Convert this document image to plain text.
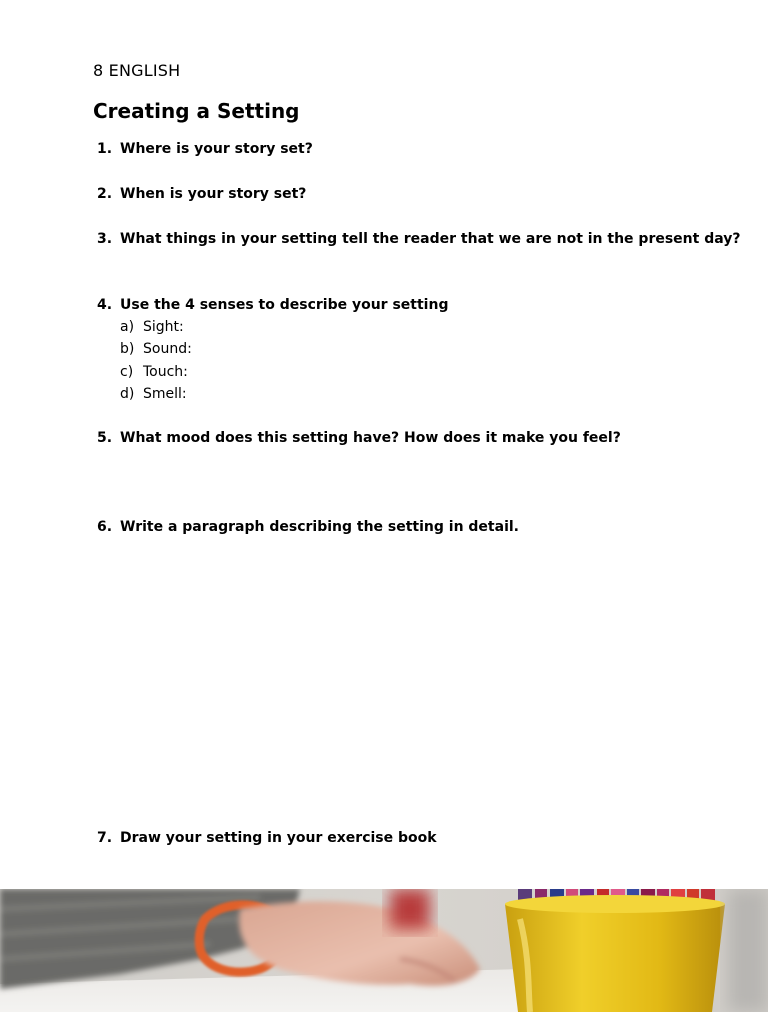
8 ENGLISH
Creating a Setting
1. Where is your story set?
2. When is your story set?
3. What things in your setting tell the reader that we are not in the present day?
4. Use the 4 senses to describe your setting
a) Sight:
b) Sound:
c) Touch:
d) Smell:
5. What mood does this setting have? How does it make you feel?
6. Write a paragraph describing the setting in detail.
7. Draw your setting in your exercise book
